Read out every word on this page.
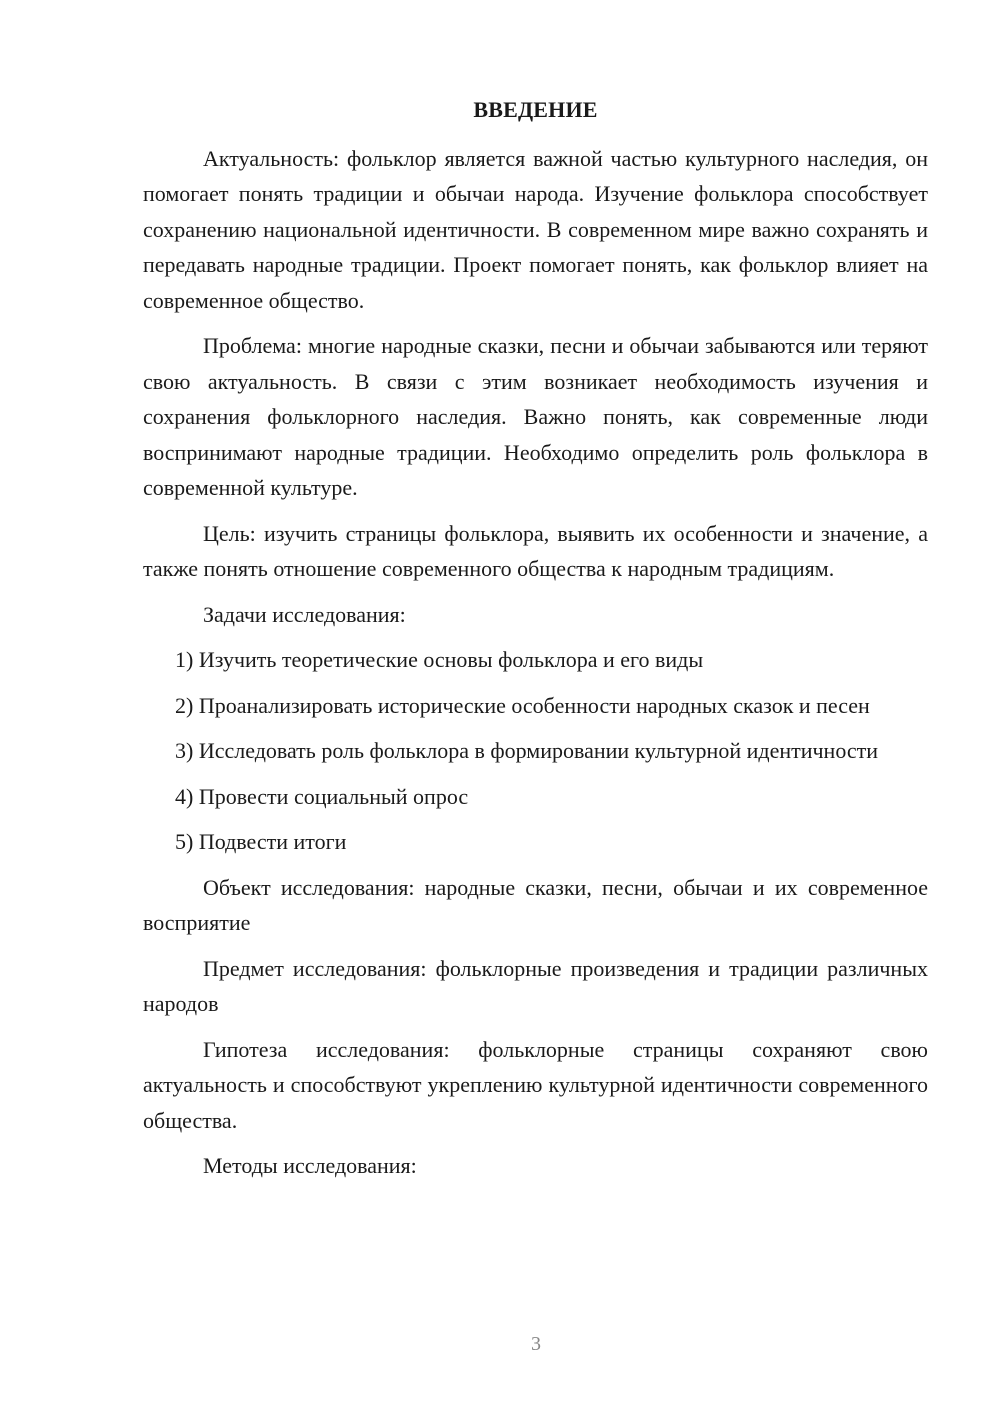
ВВЕДЕНИЕ

Актуальность: фольклор является важной частью культурного наследия, он помогает понять традиции и обычаи народа. Изучение фольклора способствует сохранению национальной идентичности. В современном мире важно сохранять и передавать народные традиции. Проект помогает понять, как фольклор влияет на современное общество.

Проблема: многие народные сказки, песни и обычаи забываются или теряют свою актуальность. В связи с этим возникает необходимость изучения и сохранения фольклорного наследия. Важно понять, как современные люди воспринимают народные традиции. Необходимо определить роль фольклора в современной культуре.

Цель: изучить страницы фольклора, выявить их особенности и значение, а также понять отношение современного общества к народным традициям.

Задачи исследования:

1) Изучить теоретические основы фольклора и его виды

2) Проанализировать исторические особенности народных сказок и песен

3) Исследовать роль фольклора в формировании культурной идентичности

4) Провести социальный опрос

5) Подвести итоги

Объект исследования: народные сказки, песни, обычаи и их современное восприятие

Предмет исследования: фольклорные произведения и традиции различных народов

Гипотеза исследования: фольклорные страницы сохраняют свою актуальность и способствуют укреплению культурной идентичности современного общества.

Методы исследования:

3
